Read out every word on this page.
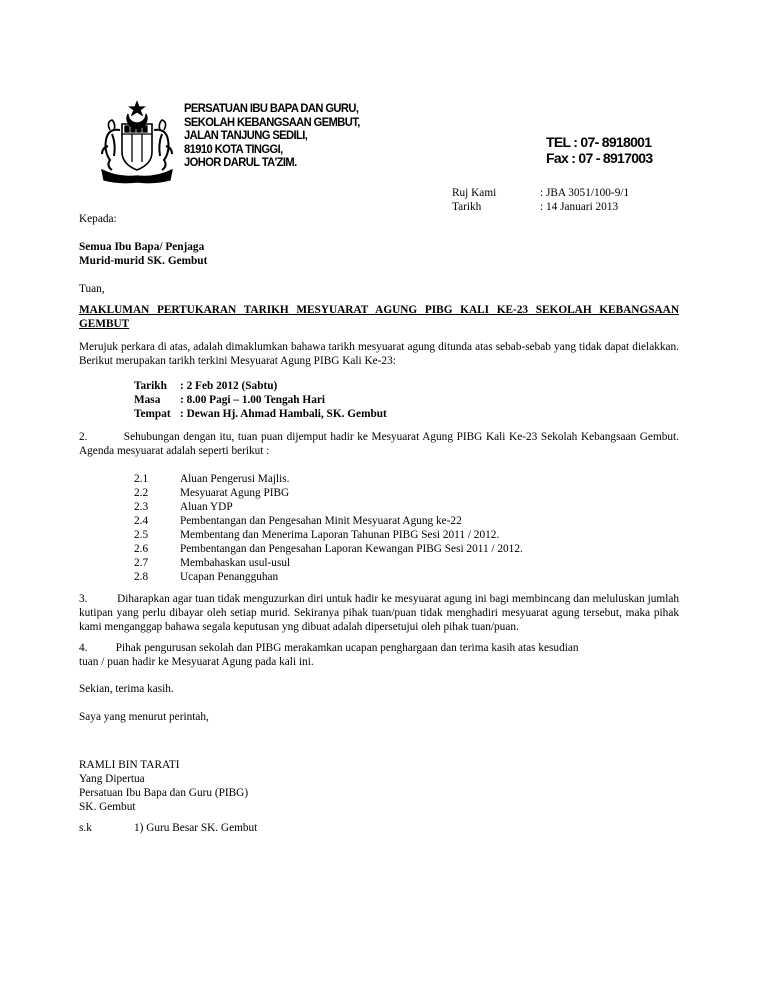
PERSATUAN IBU BAPA DAN GURU,
SEKOLAH KEBANGSAAN GEMBUT,
JALAN TANJUNG SEDILI,
81910 KOTA TINGGI,
JOHOR DARUL TA'ZIM.
TEL : 07- 8918001
Fax : 07 - 8917003
Ruj Kami	: JBA 3051/100-9/1
Tarikh	: 14 Januari 2013
Kepada:
Semua Ibu Bapa/ Penjaga
Murid-murid SK. Gembut
Tuan,
MAKLUMAN PERTUKARAN TARIKH MESYUARAT AGUNG PIBG KALI KE-23 SEKOLAH KEBANGSAAN GEMBUT
Merujuk perkara di atas, adalah dimaklumkan bahawa tarikh mesyuarat agung ditunda atas sebab-sebab yang tidak dapat dielakkan. Berikut merupakan tarikh terkini Mesyuarat Agung PIBG Kali Ke-23:
Tarikh	: 2 Feb 2012 (Sabtu)
Masa	: 8.00 Pagi – 1.00 Tengah Hari
Tempat : Dewan Hj. Ahmad Hambali, SK. Gembut
2.          Sehubungan dengan itu, tuan puan dijemput hadir ke Mesyuarat Agung PIBG Kali Ke-23 Sekolah Kebangsaan Gembut. Agenda mesyuarat adalah seperti berikut :
2.1	Aluan Pengerusi Majlis.
2.2	Mesyuarat Agung PIBG
2.3	Aluan YDP
2.4	Pembentangan dan Pengesahan Minit Mesyuarat Agung ke-22
2.5	Membentang dan Menerima Laporan Tahunan PIBG Sesi 2011 / 2012.
2.6	Pembentangan dan Pengesahan Laporan Kewangan PIBG Sesi 2011 / 2012.
2.7	Membahaskan usul-usul
2.8	Ucapan Penangguhan
3.          Diharapkan agar tuan tidak menguzurkan diri untuk hadir ke mesyuarat agung ini bagi membincang dan meluluskan jumlah kutipan yang perlu dibayar oleh setiap murid. Sekiranya pihak tuan/puan tidak menghadiri mesyuarat agung tersebut, maka pihak kami menganggap bahawa segala keputusan yng dibuat adalah dipersetujui oleh pihak tuan/puan.
4.          Pihak pengurusan sekolah dan PIBG merakamkan ucapan penghargaan dan terima kasih atas kesudian
tuan / puan hadir ke Mesyuarat Agung pada kali ini.
Sekian, terima kasih.
Saya yang menurut perintah,
RAMLI BIN TARATI
Yang Dipertua
Persatuan Ibu Bapa dan Guru (PIBG)
SK. Gembut
s.k	1) Guru Besar SK. Gembut
